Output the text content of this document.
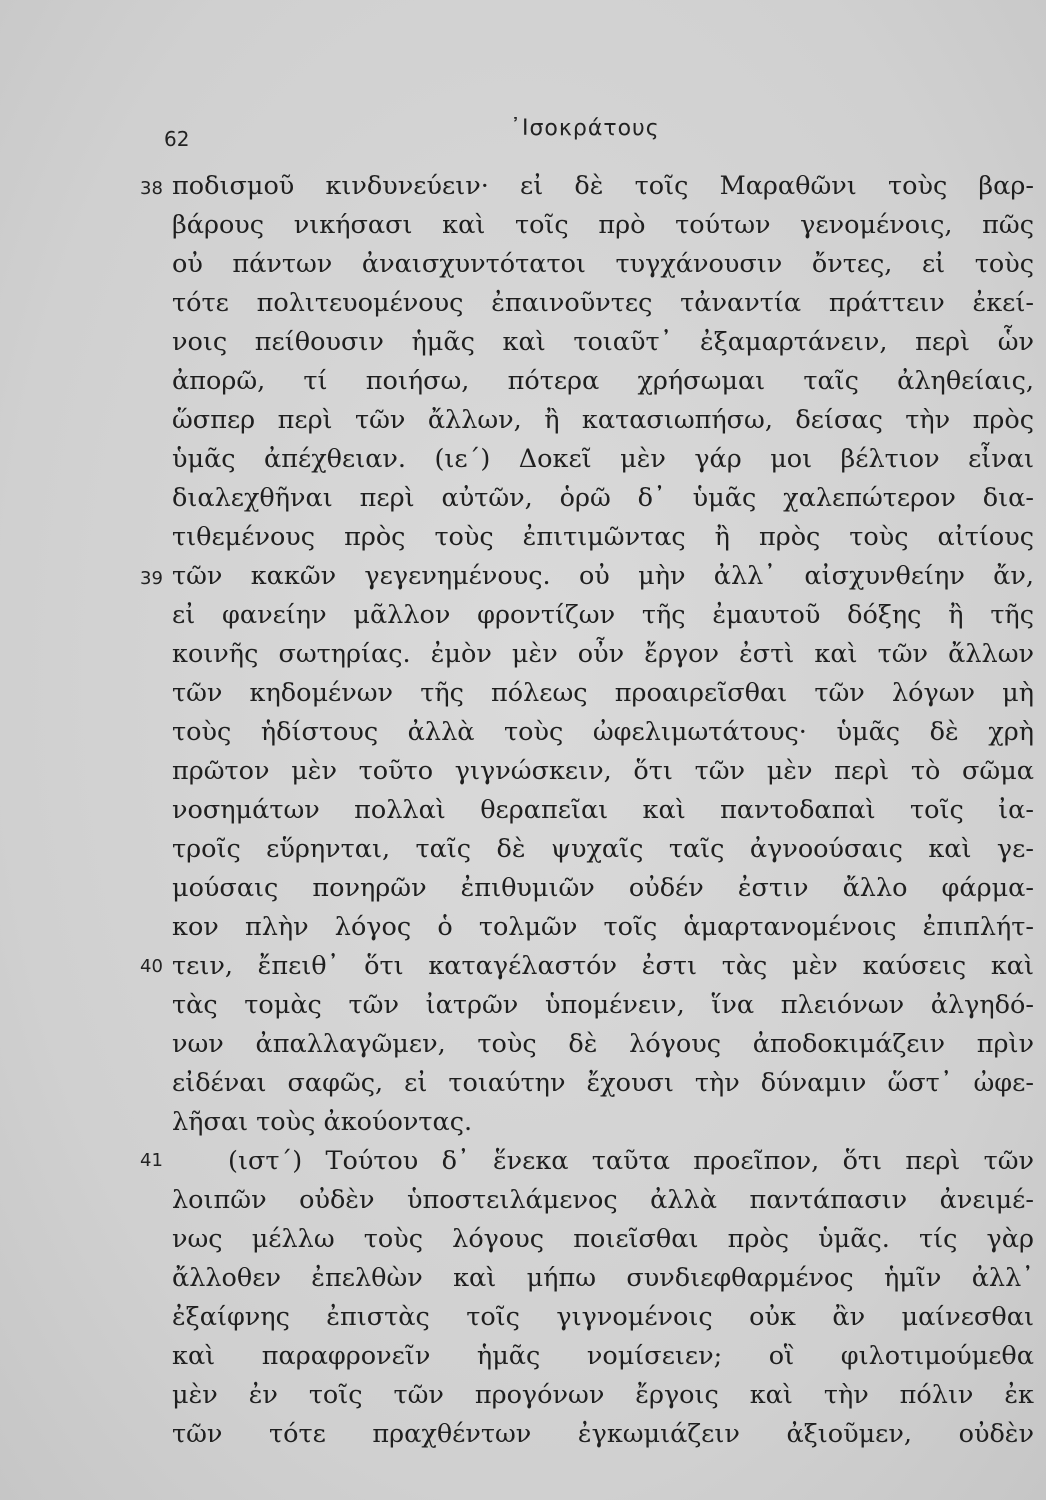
62	᾿Ισοκράτους

38
39
40
41
ποδισμοῦ κινδυνεύειν· εἰ δὲ τοῖς Μαραθῶνι τοὺς βαρ-
βάρους νικήσασι καὶ τοῖς πρὸ τούτων γενομένοις, πῶς
οὐ πάντων ἀναισχυντότατοι τυγχάνουσιν ὄντες, εἰ τοὺς
τότε πολιτευομένους ἐπαινοῦντες τἀναντία πράττειν ἐκεί-
νοις πείθουσιν ἡμᾶς καὶ τοιαῦτ᾿ ἐξαμαρτάνειν, περὶ ὧν
ἀπορῶ, τί ποιήσω, πότερα χρήσωμαι ταῖς ἀληθείαις,
ὥσπερ περὶ τῶν ἄλλων, ἢ κατασιωπήσω, δείσας τὴν πρὸς
ὑμᾶς ἀπέχθειαν. (ιε΄) Δοκεῖ μὲν γάρ μοι βέλτιον εἶναι
διαλεχθῆναι περὶ αὐτῶν, ὁρῶ δ᾿ ὑμᾶς χαλεπώτερον δια-
τιθεμένους πρὸς τοὺς ἐπιτιμῶντας ἢ πρὸς τοὺς αἰτίους
τῶν κακῶν γεγενημένους. οὐ μὴν ἀλλ᾿ αἰσχυνθείην ἄν,
εἰ φανείην μᾶλλον φροντίζων τῆς ἐμαυτοῦ δόξης ἢ τῆς
κοινῆς σωτηρίας. ἐμὸν μὲν οὖν ἔργον ἐστὶ καὶ τῶν ἄλλων
τῶν κηδομένων τῆς πόλεως προαιρεῖσθαι τῶν λόγων μὴ
τοὺς ἡδίστους ἀλλὰ τοὺς ὠφελιμωτάτους· ὑμᾶς δὲ χρὴ
πρῶτον μὲν τοῦτο γιγνώσκειν, ὅτι τῶν μὲν περὶ τὸ σῶμα
νοσημάτων πολλαὶ θεραπεῖαι καὶ παντοδαπαὶ τοῖς ἰα-
τροῖς εὕρηνται, ταῖς δὲ ψυχαῖς ταῖς ἀγνοούσαις καὶ γε-
μούσαις πονηρῶν ἐπιθυμιῶν οὐδέν ἐστιν ἄλλο φάρμα-
κον πλὴν λόγος ὁ τολμῶν τοῖς ἁμαρτανομένοις ἐπιπλήτ-
τειν, ἔπειθ᾿ ὅτι καταγέλαστόν ἐστι τὰς μὲν καύσεις καὶ
τὰς τομὰς τῶν ἰατρῶν ὑπομένειν, ἵνα πλειόνων ἀλγηδό-
νων ἀπαλλαγῶμεν, τοὺς δὲ λόγους ἀποδοκιμάζειν πρὶν
εἰδέναι σαφῶς, εἰ τοιαύτην ἔχουσι τὴν δύναμιν ὥστ᾿ ὠφε-
λῆσαι τοὺς ἀκούοντας.
(ιστ΄) Τούτου δ᾿ ἕνεκα ταῦτα προεῖπον, ὅτι περὶ τῶν
λοιπῶν οὐδὲν ὑποστειλάμενος ἀλλὰ παντάπασιν ἀνειμέ-
νως μέλλω τοὺς λόγους ποιεῖσθαι πρὸς ὑμᾶς. τίς γὰρ
ἄλλοθεν ἐπελθὼν καὶ μήπω συνδιεφθαρμένος ἡμῖν ἀλλ᾿
ἐξαίφνης ἐπιστὰς τοῖς γιγνομένοις οὐκ ἂν μαίνεσθαι
καὶ παραφρονεῖν ἡμᾶς νομίσειεν; οἳ φιλοτιμούμεθα
μὲν ἐν τοῖς τῶν προγόνων ἔργοις καὶ τὴν πόλιν ἐκ
τῶν τότε πραχθέντων ἐγκωμιάζειν ἀξιοῦμεν, οὐδὲν
